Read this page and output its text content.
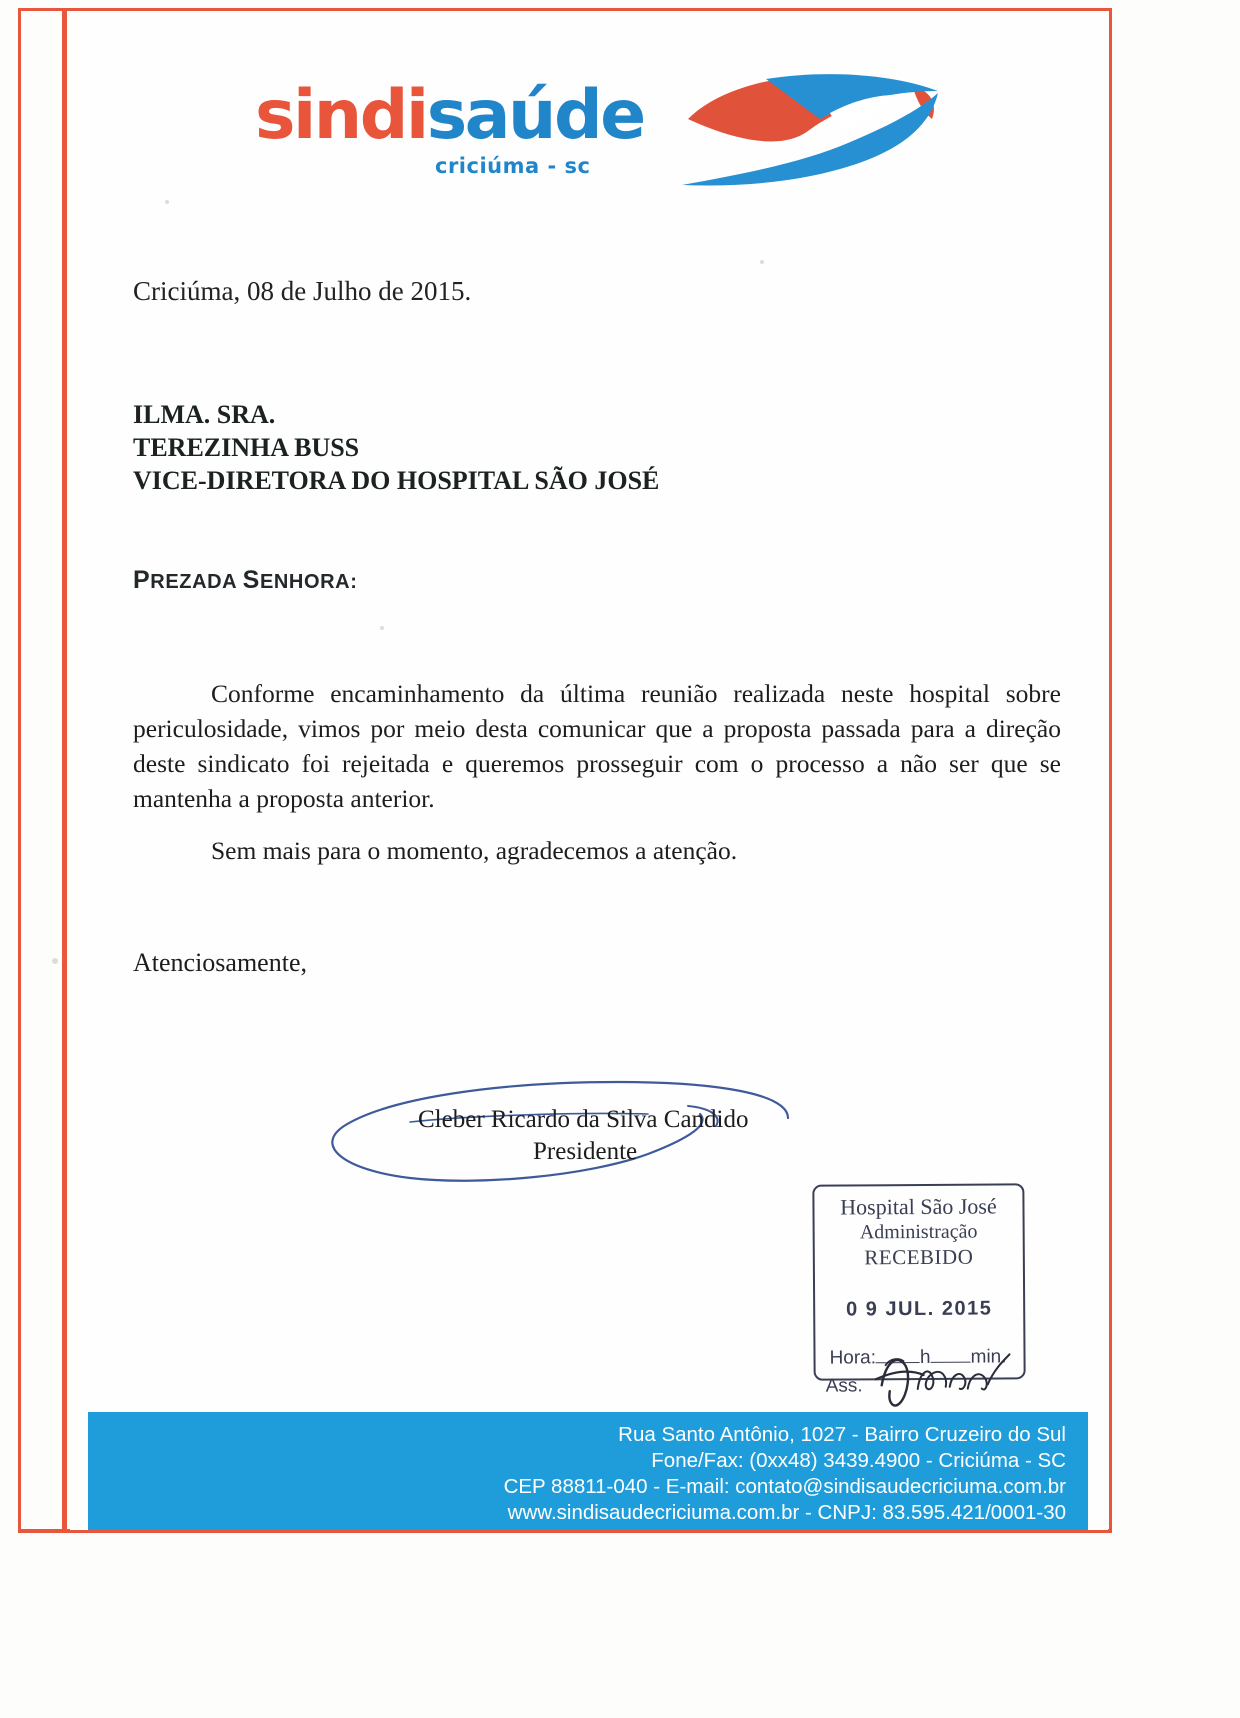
sindisaúde
criciúma - sc
Criciúma, 08 de Julho de 2015.
ILMA. SRA.
TEREZINHA BUSS
VICE-DIRETORA DO HOSPITAL SÃO JOSÉ
PREZADA SENHORA:
Conforme encaminhamento da última reunião realizada neste hospital sobre periculosidade, vimos por meio desta comunicar que a proposta passada para a direção deste sindicato foi rejeitada e queremos prosseguir com o processo a não ser que se mantenha a proposta anterior.
Sem mais para o momento, agradecemos a atenção.
Atenciosamente,
Cleber Ricardo da Silva Candido
Presidente
Hospital São José
Administração
RECEBIDO
0 9 JUL. 2015
Hora: h min.
Ass.
Rua Santo Antônio, 1027 - Bairro Cruzeiro do Sul
Fone/Fax: (0xx48) 3439.4900 - Criciúma - SC
CEP 88811-040 - E-mail: contato@sindisaudecriciuma.com.br
www.sindisaudecriciuma.com.br - CNPJ: 83.595.421/0001-30
